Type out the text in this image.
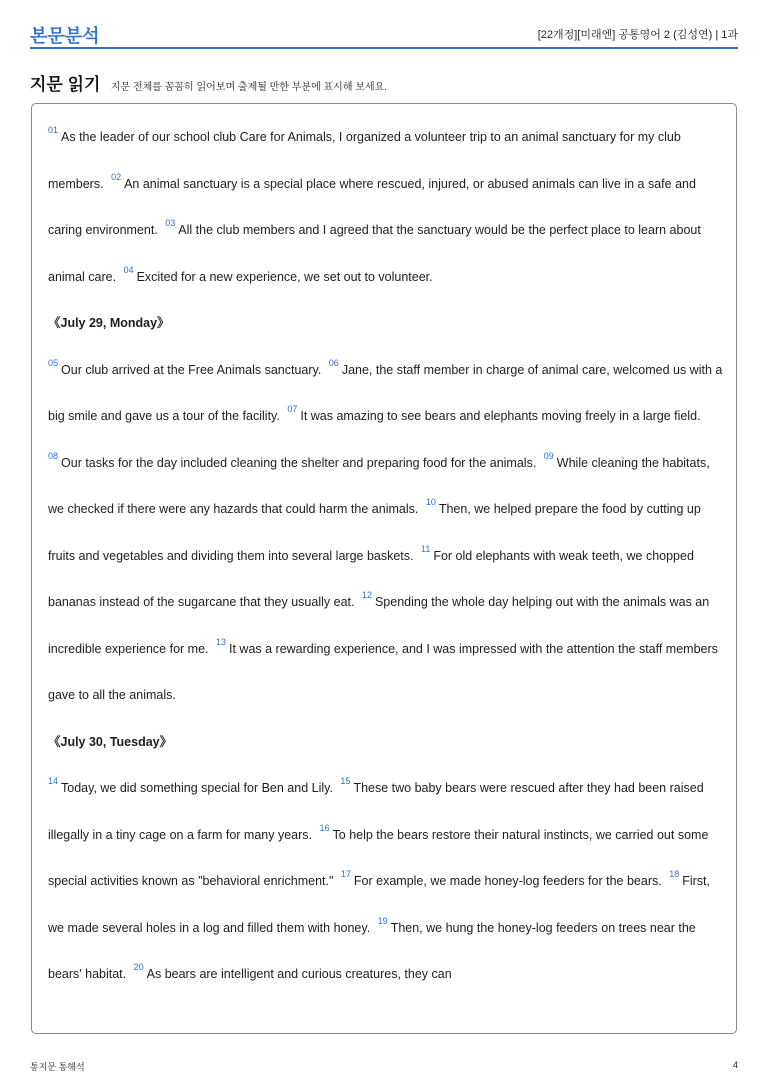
본문분석	[22개정][미래엔] 공통영어 2 (김성연) | 1과
지문 읽기 지문 전체를 꼼꼼히 읽어보며 출제될 만한 부분에 표시해 보세요.

$^{01}$ As the leader of our school club Care for Animals, I organized a volunteer trip to an animal sanctuary for my club members. $^{02}$ An animal sanctuary is a special place where rescued, injured, or abused animals can live in a safe and caring environment. $^{03}$ All the club members and I agreed that the sanctuary would be the perfect place to learn about animal care. $^{04}$ Excited for a new experience, we set out to volunteer.

《July 29, Monday》

$^{05}$ Our club arrived at the Free Animals sanctuary. $^{06}$ Jane, the staff member in charge of animal care, welcomed us with a big smile and gave us a tour of the facility. $^{07}$ It was amazing to see bears and elephants moving freely in a large field. $^{08}$ Our tasks for the day included cleaning the shelter and preparing food for the animals. $^{09}$ While cleaning the habitats, we checked if there were any hazards that could harm the animals. $^{10}$ Then, we helped prepare the food by cutting up fruits and vegetables and dividing them into several large baskets. $^{11}$ For old elephants with weak teeth, we chopped bananas instead of the sugarcane that they usually eat. $^{12}$ Spending the whole day helping out with the animals was an incredible experience for me. $^{13}$ It was a rewarding experience, and I was impressed with the attention the staff members gave to all the animals.

《July 30, Tuesday》

$^{14}$ Today, we did something special for Ben and Lily. $^{15}$ These two baby bears were rescued after they had been raised illegally in a tiny cage on a farm for many years. $^{16}$ To help the bears restore their natural instincts, we carried out some special activities known as "behavioral enrichment." $^{17}$ For example, we made honey-log feeders for the bears. $^{18}$ First, we made several holes in a log and filled them with honey. $^{19}$ Then, we hung the honey-log feeders on trees near the bears' habitat. $^{20}$ As bears are intelligent and curious creatures, they can

통지문 통해석	4
